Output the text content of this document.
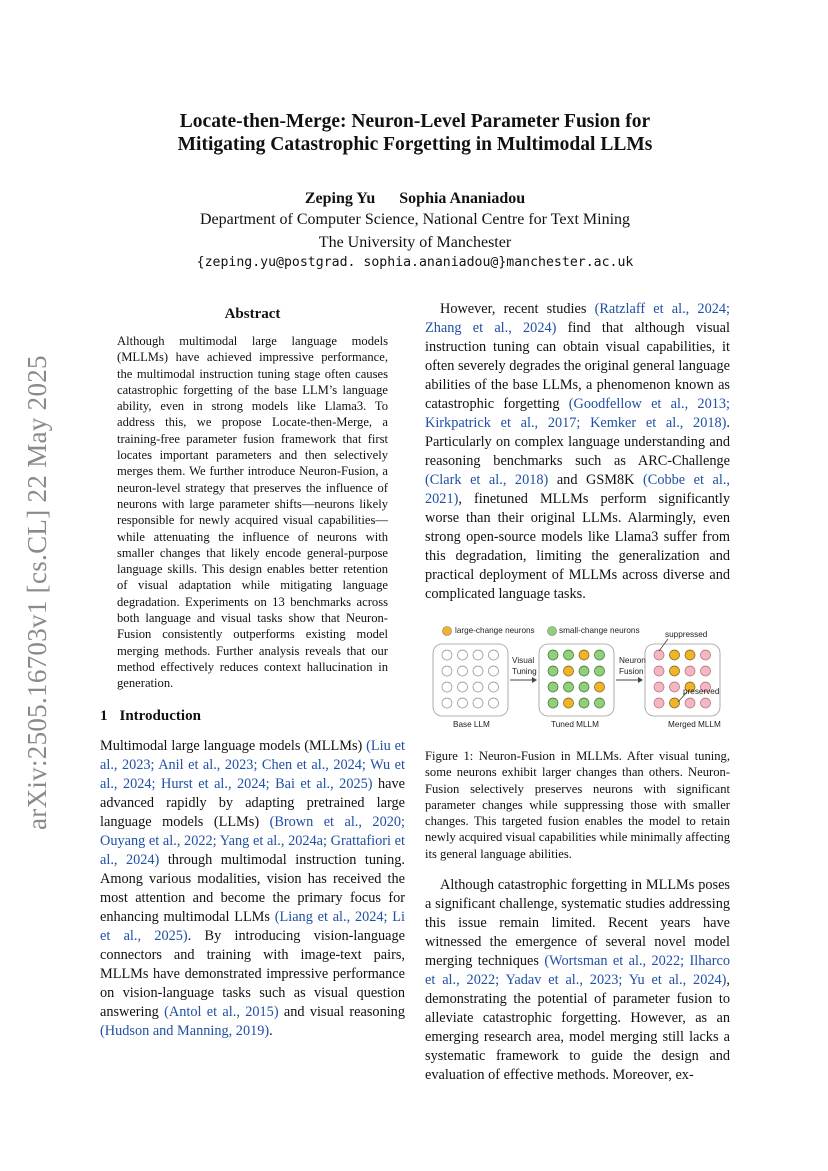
arXiv:2505.16703v1 [cs.CL] 22 May 2025
Locate-then-Merge: Neuron-Level Parameter Fusion for
Mitigating Catastrophic Forgetting in Multimodal LLMs
Zeping Yu Sophia Ananiadou
Department of Computer Science, National Centre for Text Mining
The University of Manchester
{zeping.yu@postgrad. sophia.ananiadou@}manchester.ac.uk
Abstract

Although multimodal large language models (MLLMs) have achieved impressive performance, the multimodal instruction tuning stage often causes catastrophic forgetting of the base LLM’s language ability, even in strong models like Llama3. To address this, we propose Locate-then-Merge, a training-free parameter fusion framework that first locates important parameters and then selectively merges them. We further introduce Neuron-Fusion, a neuron-level strategy that preserves the influence of neurons with large parameter shifts—neurons likely responsible for newly acquired visual capabilities—while attenuating the influence of neurons with smaller changes that likely encode general-purpose language skills. This design enables better retention of visual adaptation while mitigating language degradation. Experiments on 13 benchmarks across both language and visual tasks show that Neuron-Fusion consistently outperforms existing model merging methods. Further analysis reveals that our method effectively reduces context hallucination in generation.

1 Introduction

Multimodal large language models (MLLMs) (Liu et al., 2023; Anil et al., 2023; Chen et al., 2024; Wu et al., 2024; Hurst et al., 2024; Bai et al., 2025) have advanced rapidly by adapting pretrained large language models (LLMs) (Brown et al., 2020; Ouyang et al., 2022; Yang et al., 2024a; Grattafiori et al., 2024) through multimodal instruction tuning. Among various modalities, vision has received the most attention and become the primary focus for enhancing multimodal LLMs (Liang et al., 2024; Li et al., 2025). By introducing vision-language connectors and training with image-text pairs, MLLMs have demonstrated impressive performance on vision-language tasks such as visual question answering (Antol et al., 2015) and visual reasoning (Hudson and Manning, 2019).

However, recent studies (Ratzlaff et al., 2024; Zhang et al., 2024) find that although visual instruction tuning can obtain visual capabilities, it often severely degrades the original general language abilities of the base LLMs, a phenomenon known as catastrophic forgetting (Goodfellow et al., 2013; Kirkpatrick et al., 2017; Kemker et al., 2018). Particularly on complex language understanding and reasoning benchmarks such as ARC-Challenge (Clark et al., 2018) and GSM8K (Cobbe et al., 2021), finetuned MLLMs perform significantly worse than their original LLMs. Alarmingly, even strong open-source models like Llama3 suffer from this degradation, limiting the generalization and practical deployment of MLLMs across diverse and complicated language tasks.

large-change neurons	small-change neurons	suppressed
preserved
Visual
Tuning
Neuron
Fusion
Base LLM	Tuned MLLM	Merged MLLM

Figure 1: Neuron-Fusion in MLLMs. After visual tuning, some neurons exhibit larger changes than others. Neuron-Fusion selectively preserves neurons with significant parameter changes while suppressing those with smaller changes. This targeted fusion enables the model to retain newly acquired visual capabilities while minimally affecting its general language abilities.

Although catastrophic forgetting in MLLMs poses a significant challenge, systematic studies addressing this issue remain limited. Recent years have witnessed the emergence of several novel model merging techniques (Wortsman et al., 2022; Ilharco et al., 2022; Yadav et al., 2023; Yu et al., 2024), demonstrating the potential of parameter fusion to alleviate catastrophic forgetting. However, as an emerging research area, model merging still lacks a systematic framework to guide the design and evaluation of effective methods. Moreover, ex-
